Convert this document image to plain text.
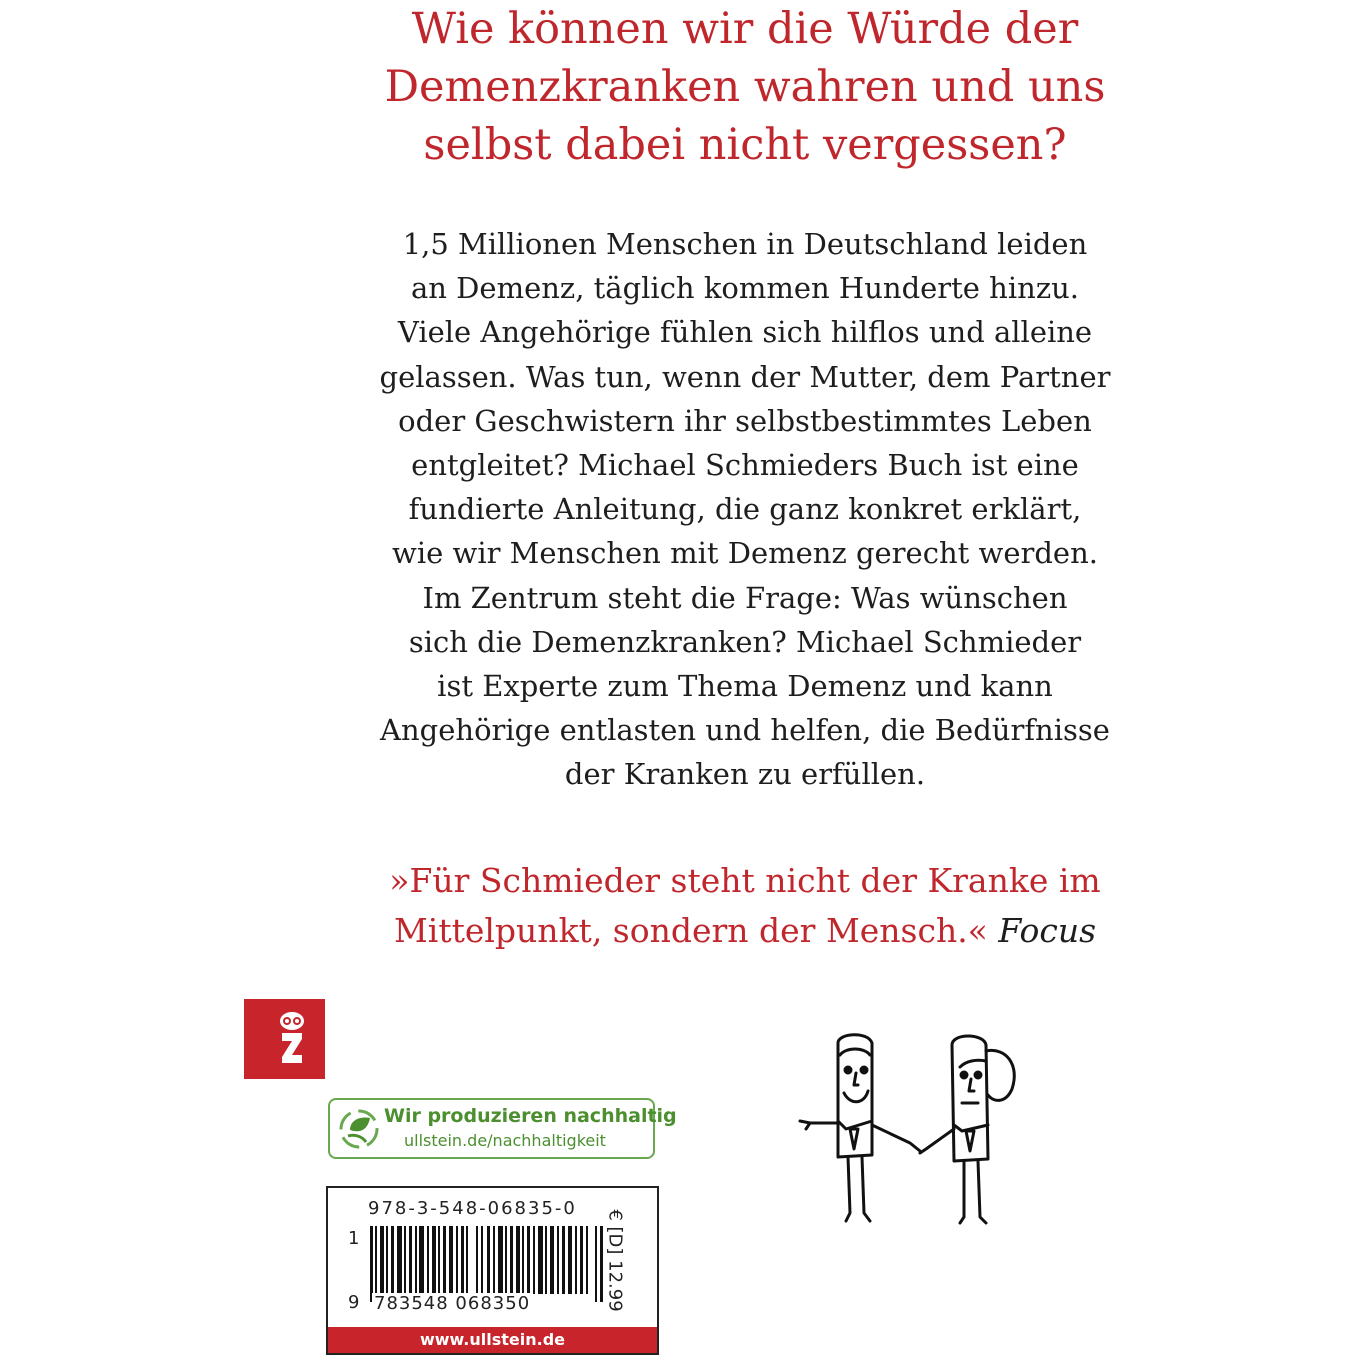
Wie können wir die Würde der
Demenzkranken wahren und uns
selbst dabei nicht vergessen?
1,5 Millionen Menschen in Deutschland leiden
an Demenz, täglich kommen Hunderte hinzu.
Viele Angehörige fühlen sich hilflos und alleine
gelassen. Was tun, wenn der Mutter, dem Partner
oder Geschwistern ihr selbstbestimmtes Leben
entgleitet? Michael Schmieders Buch ist eine
fundierte Anleitung, die ganz konkret erklärt,
wie wir Menschen mit Demenz gerecht werden.
Im Zentrum steht die Frage: Was wünschen
sich die Demenzkranken? Michael Schmieder
ist Experte zum Thema Demenz und kann
Angehörige entlasten und helfen, die Bedürfnisse
der Kranken zu erfüllen.
»Für Schmieder steht nicht der Kranke im
Mittelpunkt, sondern der Mensch.« Focus
Wir produzieren nachhaltig
ullstein.de/nachhaltigkeit
978-3-548-06835-0
1
9 783548 068350	€ [D] 12.99
www.ullstein.de
